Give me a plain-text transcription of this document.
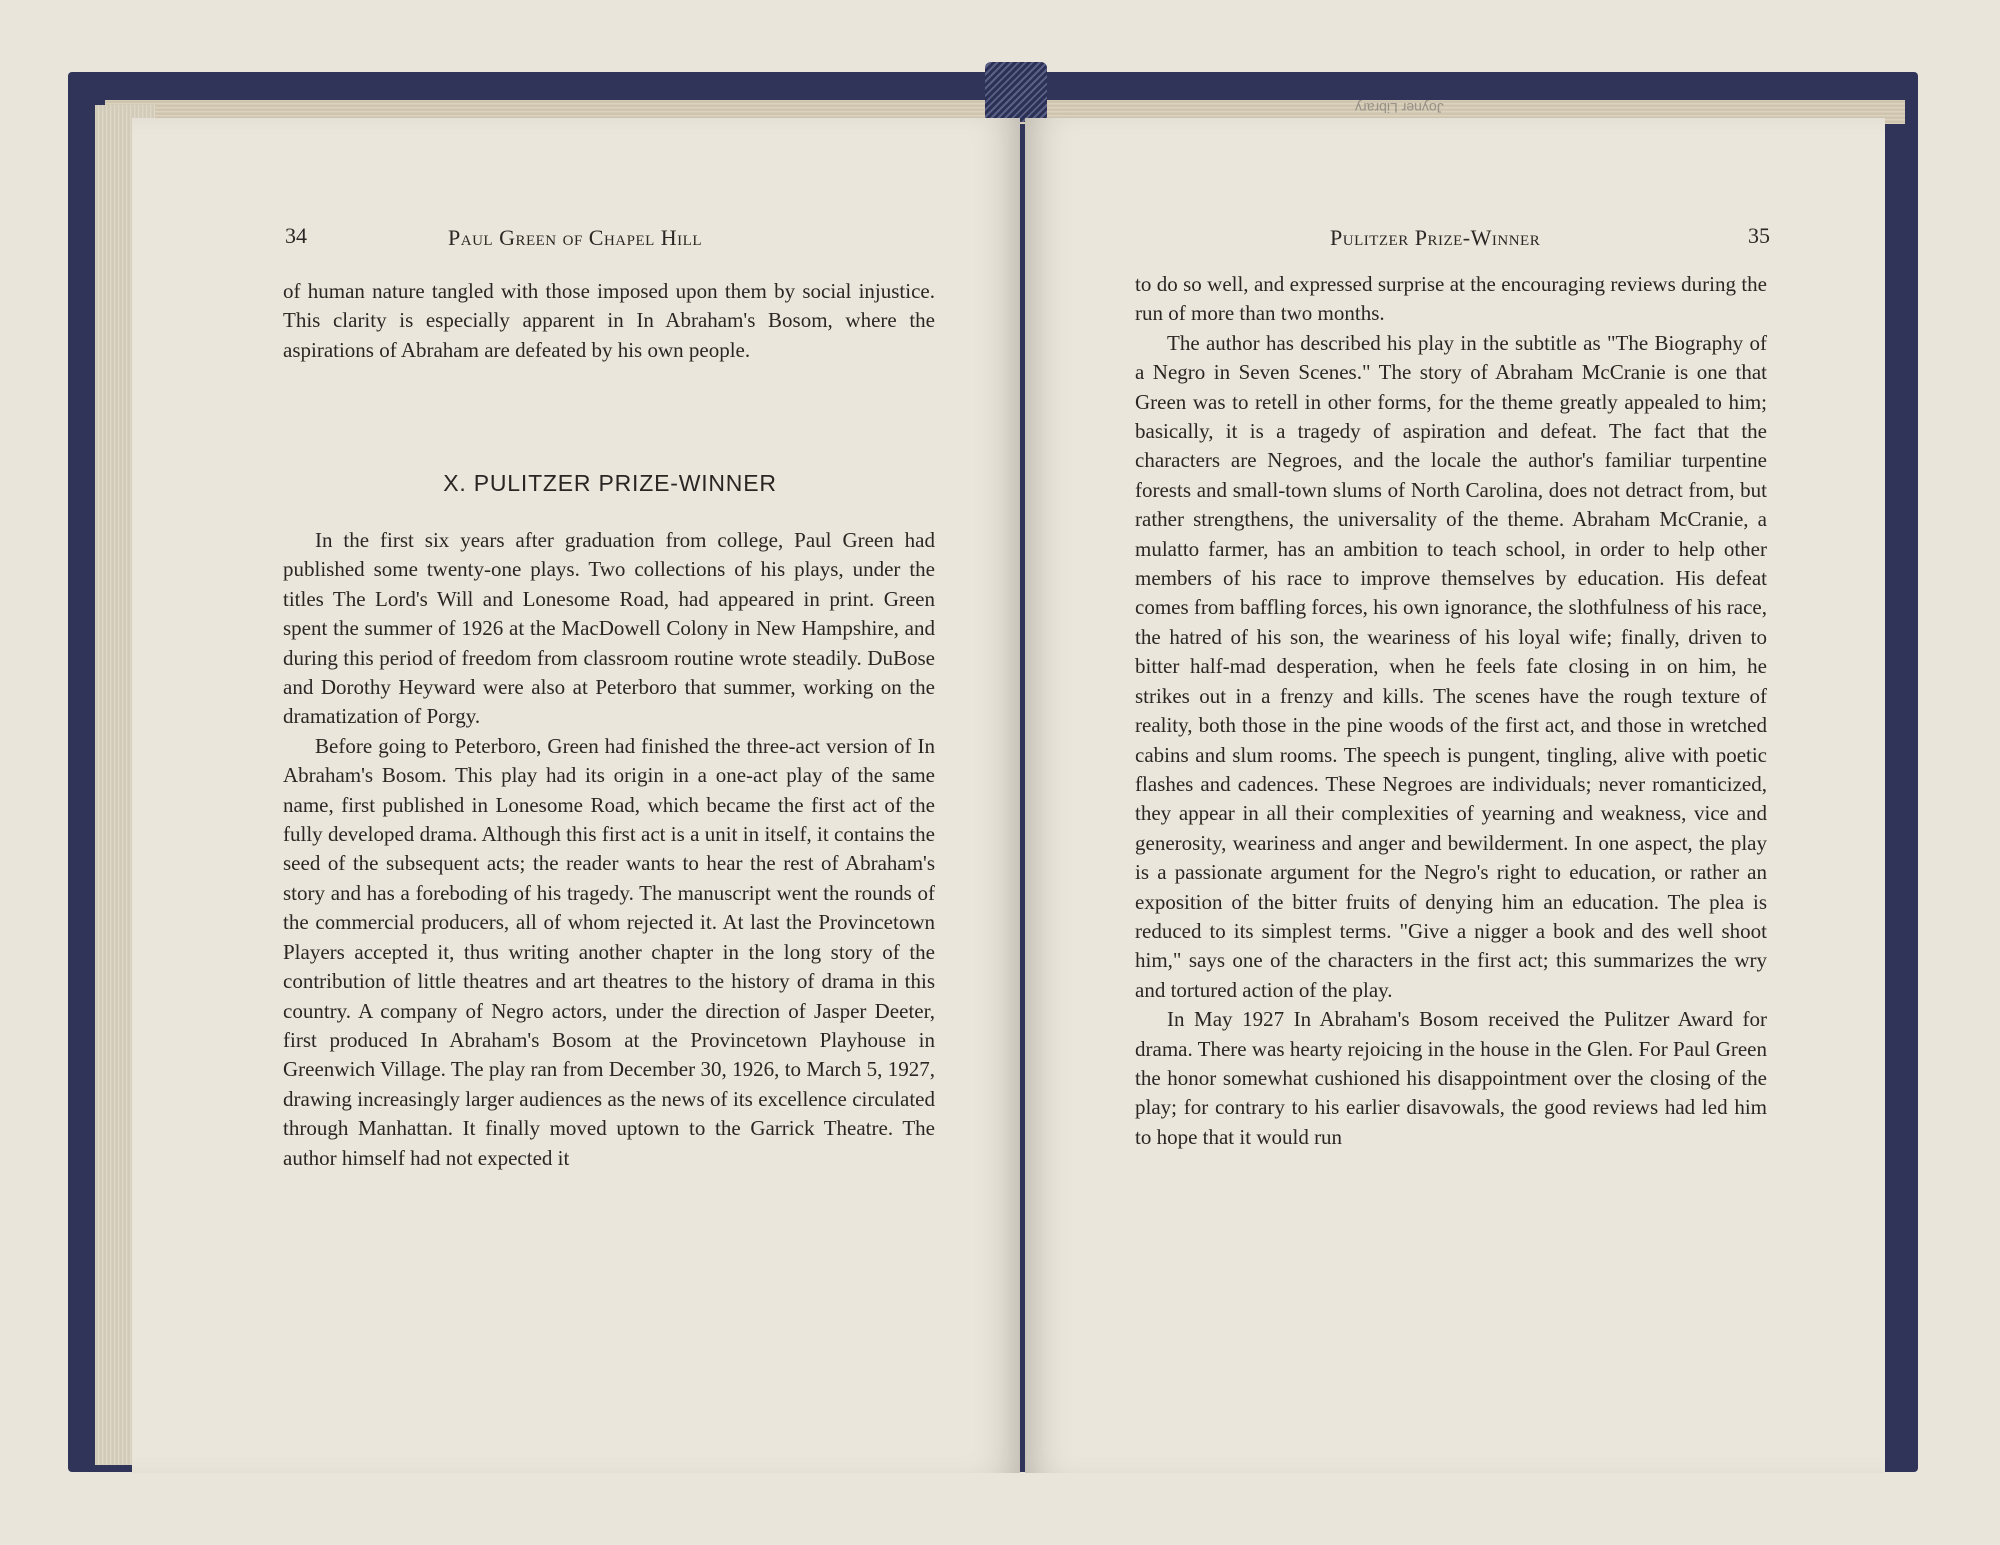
Joyner Library
34	Paul Green of Chapel Hill

of human nature tangled with those imposed upon them by social injustice. This clarity is especially apparent in In Abraham's Bosom, where the aspirations of Abraham are defeated by his own people.

X. PULITZER PRIZE-WINNER

In the first six years after graduation from college, Paul Green had published some twenty-one plays. Two collections of his plays, under the titles The Lord's Will and Lonesome Road, had appeared in print. Green spent the summer of 1926 at the MacDowell Colony in New Hampshire, and during this period of freedom from classroom routine wrote steadily. DuBose and Dorothy Heyward were also at Peterboro that summer, working on the dramatization of Porgy.

Before going to Peterboro, Green had finished the three-act version of In Abraham's Bosom. This play had its origin in a one-act play of the same name, first published in Lonesome Road, which became the first act of the fully developed drama. Although this first act is a unit in itself, it contains the seed of the subsequent acts; the reader wants to hear the rest of Abraham's story and has a foreboding of his tragedy. The manuscript went the rounds of the commercial producers, all of whom rejected it. At last the Provincetown Players accepted it, thus writing another chapter in the long story of the contribution of little theatres and art theatres to the history of drama in this country. A company of Negro actors, under the direction of Jasper Deeter, first produced In Abraham's Bosom at the Provincetown Playhouse in Greenwich Village. The play ran from December 30, 1926, to March 5, 1927, drawing increasingly larger audiences as the news of its excellence circulated through Manhattan. It finally moved uptown to the Garrick Theatre. The author himself had not expected it

Pulitzer Prize-Winner	35

to do so well, and expressed surprise at the encouraging reviews during the run of more than two months.

The author has described his play in the subtitle as "The Biography of a Negro in Seven Scenes." The story of Abraham McCranie is one that Green was to retell in other forms, for the theme greatly appealed to him; basically, it is a tragedy of aspiration and defeat. The fact that the characters are Negroes, and the locale the author's familiar turpentine forests and small-town slums of North Carolina, does not detract from, but rather strengthens, the universality of the theme. Abraham McCranie, a mulatto farmer, has an ambition to teach school, in order to help other members of his race to improve themselves by education. His defeat comes from baffling forces, his own ignorance, the slothfulness of his race, the hatred of his son, the weariness of his loyal wife; finally, driven to bitter half-mad desperation, when he feels fate closing in on him, he strikes out in a frenzy and kills. The scenes have the rough texture of reality, both those in the pine woods of the first act, and those in wretched cabins and slum rooms. The speech is pungent, tingling, alive with poetic flashes and cadences. These Negroes are individuals; never romanticized, they appear in all their complexities of yearning and weakness, vice and generosity, weariness and anger and bewilderment. In one aspect, the play is a passionate argument for the Negro's right to education, or rather an exposition of the bitter fruits of denying him an education. The plea is reduced to its simplest terms. "Give a nigger a book and des well shoot him," says one of the characters in the first act; this summarizes the wry and tortured action of the play.

In May 1927 In Abraham's Bosom received the Pulitzer Award for drama. There was hearty rejoicing in the house in the Glen. For Paul Green the honor somewhat cushioned his disappointment over the closing of the play; for contrary to his earlier disavowals, the good reviews had led him to hope that it would run
